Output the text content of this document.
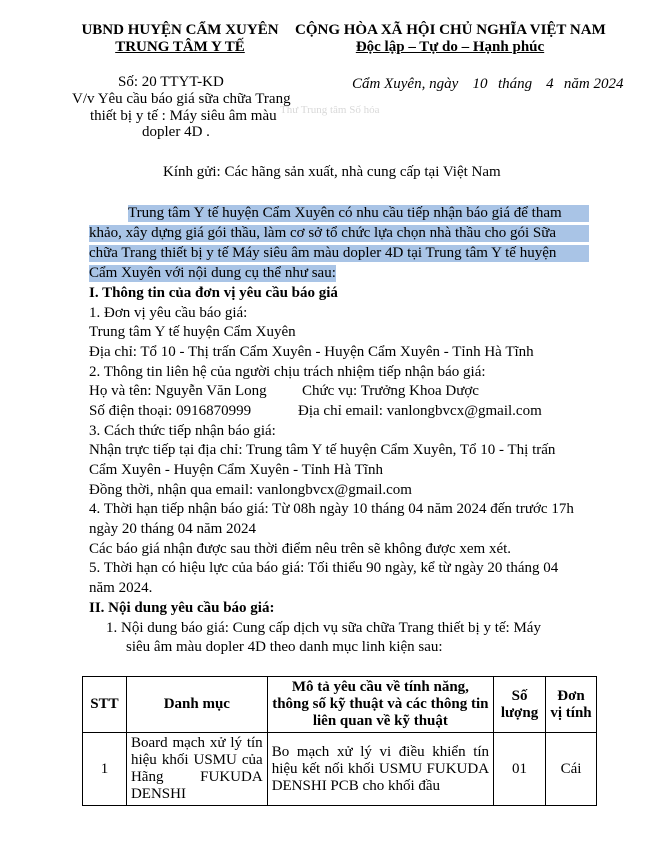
UBND HUYỆN CẨM XUYÊN
TRUNG TÂM Y TẾ
CỘNG HÒA XÃ HỘI CHỦ NGHĨA VIỆT NAM
Độc lập – Tự do – Hạnh phúc
Số: 20 TTYT-KD
V/v Yêu cầu báo giá sữa chữa Trang
thiết bị y tế : Máy siêu âm màu
dopler 4D .
Thư Trung tâm Số hóa
Cẩm Xuyên, ngày 10 tháng 4 năm 2024
Kính gửi: Các hãng sản xuất, nhà cung cấp tại Việt Nam
Trung tâm Y tế huyện Cẩm Xuyên có nhu cầu tiếp nhận báo giá để tham
khảo, xây dựng giá gói thầu, làm cơ sở tổ chức lựa chọn nhà thầu cho gói Sữa
chữa Trang thiết bị y tế Máy siêu âm màu dopler 4D tại Trung tâm Y tế huyện
Cẩm Xuyên với nội dung cụ thể như sau:
I. Thông tin của đơn vị yêu cầu báo giá
1. Đơn vị yêu cầu báo giá:
Trung tâm Y tế huyện Cẩm Xuyên
Địa chỉ: Tổ 10 - Thị trấn Cẩm Xuyên - Huyện Cẩm Xuyên - Tỉnh Hà Tĩnh
2. Thông tin liên hệ của người chịu trách nhiệm tiếp nhận báo giá:
Họ và tên: Nguyễn Văn Long Chức vụ: Trưởng Khoa Dược
Số điện thoại: 0916870999	Địa chỉ email: vanlongbvcx@gmail.com
3. Cách thức tiếp nhận báo giá:
Nhận trực tiếp tại địa chỉ: Trung tâm Y tế huyện Cẩm Xuyên, Tổ 10 - Thị trấn
Cẩm Xuyên - Huyện Cẩm Xuyên - Tỉnh Hà Tĩnh
Đồng thời, nhận qua email: vanlongbvcx@gmail.com
4. Thời hạn tiếp nhận báo giá: Từ 08h ngày 10 tháng 04 năm 2024 đến trước 17h
ngày 20 tháng 04 năm 2024
Các báo giá nhận được sau thời điểm nêu trên sẽ không được xem xét.
5. Thời hạn có hiệu lực của báo giá: Tối thiểu 90 ngày, kể từ ngày 20 tháng 04
năm 2024.
II. Nội dung yêu cầu báo giá:
1. Nội dung báo giá: Cung cấp dịch vụ sữa chữa Trang thiết bị y tế: Máy
siêu âm màu dopler 4D theo danh mục linh kiện sau:
STT	Danh mục	Mô tả yêu cầu về tính năng, thông số kỹ thuật và các thông tin liên quan về kỹ thuật	Số lượng	Đơn vị tính
1	Board mạch xử lý tín hiệu khối USMU của Hãng FUKUDA DENSHI	Bo mạch xử lý vi điều khiển tín hiệu kết nối khối USMU FUKUDA DENSHI PCB cho khối đầu	01	Cái
